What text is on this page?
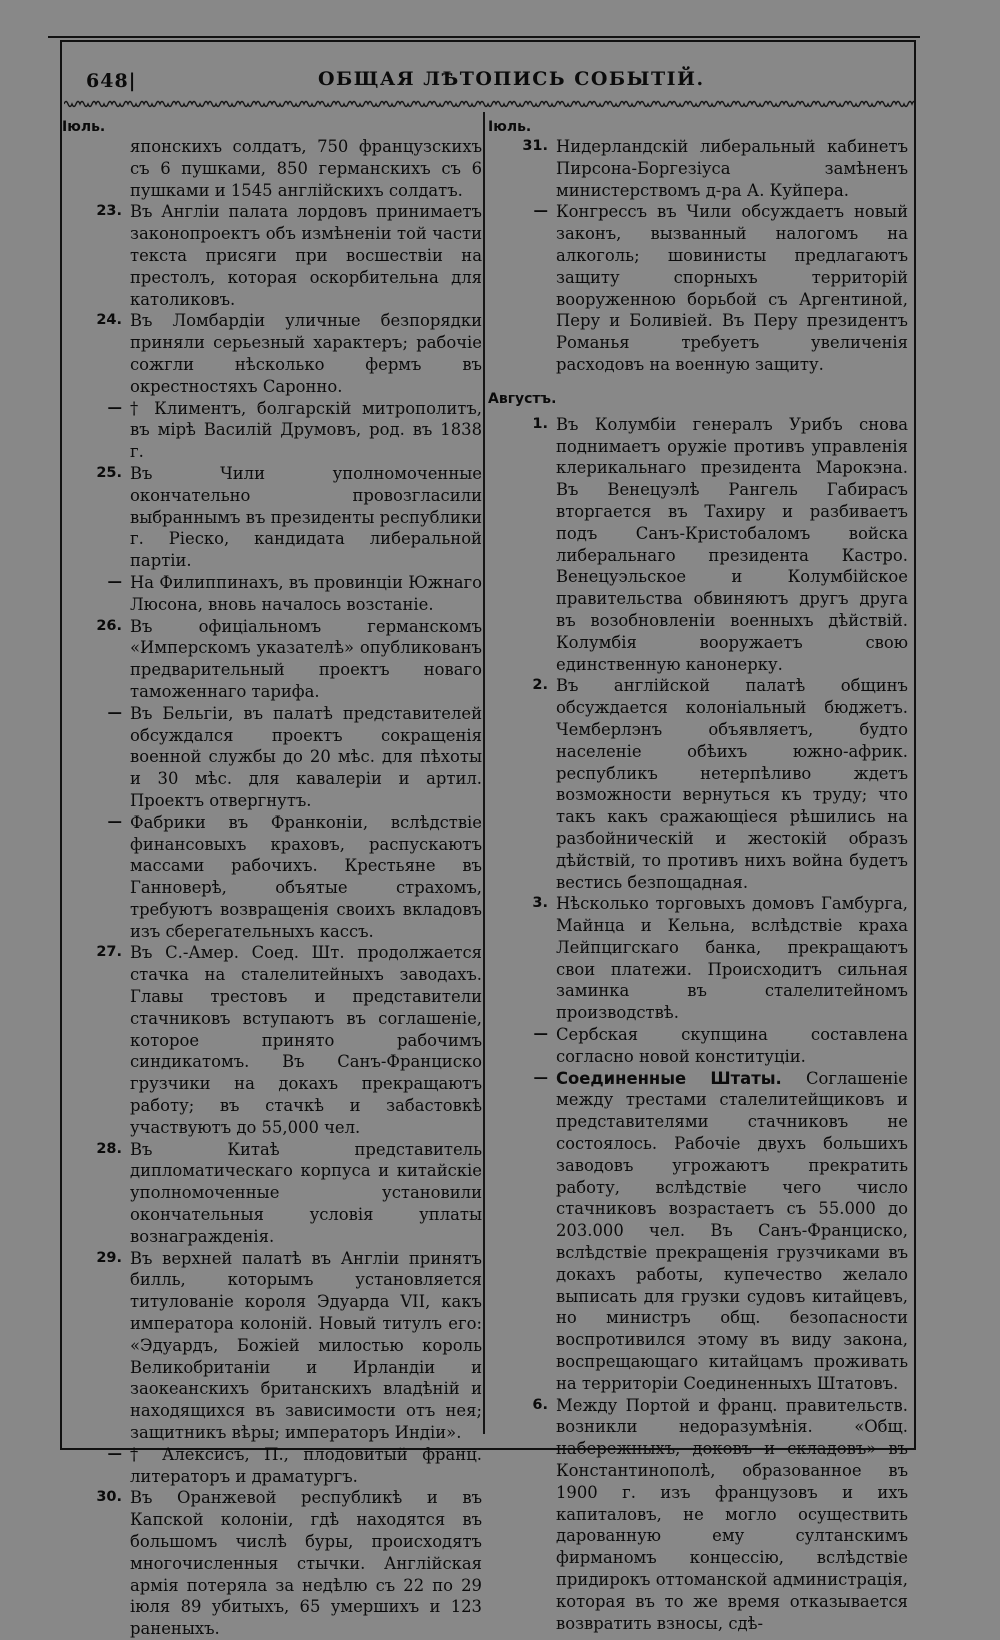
648|	ОБЩАЯ ЛѢТОПИСЬ СОБЫТІЙ.
Іюль.
японскихъ солдатъ, 750 французскихъ съ 6 пушками, 850 германскихъ съ 6 пушками и 1545 англійскихъ солдатъ.
23. Въ Англіи палата лордовъ принимаетъ законопроектъ объ измѣненіи той части текста присяги при восшествіи на престолъ, которая оскорбительна для католиковъ.
24. Въ Ломбардіи уличные безпорядки приняли серьезный характеръ; рабочіе сожгли нѣсколько фермъ въ окрестностяхъ Саронно.
— † Климентъ, болгарскій митрополитъ, въ мірѣ Василій Друмовъ, род. въ 1838 г.
25. Въ Чили уполномоченные окончательно провозгласили выбраннымъ въ президенты республики г. Ріеско, кандидата либеральной партіи.
— На Филиппинахъ, въ провинціи Южнаго Люсона, вновь началось возстаніе.
26. Въ офиціальномъ германскомъ «Имперскомъ указателѣ» опубликованъ предварительный проектъ новаго таможеннаго тарифа.
— Въ Бельгіи, въ палатѣ представителей обсуждался проектъ сокращенія военной службы до 20 мѣс. для пѣхоты и 30 мѣс. для кавалеріи и артил. Проектъ отвергнутъ.
— Фабрики въ Франконіи, вслѣдствіе финансовыхъ краховъ, распускаютъ массами рабочихъ. Крестьяне въ Ганноверѣ, объятые страхомъ, требуютъ возвращенія своихъ вкладовъ изъ сберегательныхъ кассъ.
27. Въ С.-Амер. Соед. Шт. продолжается стачка на сталелитейныхъ заводахъ. Главы трестовъ и представители стачниковъ вступаютъ въ соглашеніе, которое принято рабочимъ синдикатомъ. Въ Санъ-Франциско грузчики на докахъ прекращаютъ работу; въ стачкѣ и забастовкѣ участвуютъ до 55,000 чел.
28. Въ Китаѣ представитель дипломатическаго корпуса и китайскіе уполномоченные установили окончательныя условія уплаты вознагражденія.
29. Въ верхней палатѣ въ Англіи принятъ билль, которымъ установляется титулованіе короля Эдуарда VII, какъ императора колоній. Новый титулъ его: «Эдуардъ, Божіей милостью король Великобританіи и Ирландіи и заокеанскихъ британскихъ владѣній и находящихся въ зависимости отъ нея; защитникъ вѣры; императоръ Индіи».
— † Алексисъ, П., плодовитый франц. литераторъ и драматургъ.
30. Въ Оранжевой республикѣ и въ Капской колоніи, гдѣ находятся въ большомъ числѣ буры, происходятъ многочисленныя стычки. Англійская армія потеряла за недѣлю съ 22 по 29 іюля 89 убитыхъ, 65 умершихъ и 123 раненыхъ.
Іюль.
31. Нидерландскій либеральный кабинетъ Пирсона-Боргезіуса замѣненъ министерствомъ д-ра А. Куйпера.
— Конгрессъ въ Чили обсуждаетъ новый законъ, вызванный налогомъ на алкоголь; шовинисты предлагаютъ защиту спорныхъ территорій вооруженною борьбой съ Аргентиной, Перу и Боливіей. Въ Перу президентъ Романья требуетъ увеличенія расходовъ на военную защиту.
Августъ.
1. Въ Колумбіи генералъ Урибъ снова поднимаетъ оружіе противъ управленія клерикальнаго президента Марокэна. Въ Венецуэлѣ Рангель Габирасъ вторгается въ Тахиру и разбиваетъ подъ Санъ-Кристобаломъ войска либеральнаго президента Кастро. Венецуэльское и Колумбійское правительства обвиняютъ другъ друга въ возобновленіи военныхъ дѣйствій. Колумбія вооружаетъ свою единственную канонерку.
2. Въ англійской палатѣ общинъ обсуждается колоніальный бюджетъ. Чемберлэнъ объявляетъ, будто населеніе обѣихъ южно-африк. республикъ нетерпѣливо ждетъ возможности вернуться къ труду; что такъ какъ сражающіеся рѣшились на разбойническій и жестокій образъ дѣйствій, то противъ нихъ война будетъ вестись безпощадная.
3. Нѣсколько торговыхъ домовъ Гамбурга, Майнца и Кельна, вслѣдствіе краха Лейпцигскаго банка, прекращаютъ свои платежи. Происходитъ сильная заминка въ сталелитейномъ производствѣ.
— Сербская скупщина составлена согласно новой конституціи.
— Соединенные Штаты. Соглашеніе между трестами сталелитейщиковъ и представителями стачниковъ не состоялось. Рабочіе двухъ большихъ заводовъ угрожаютъ прекратить работу, вслѣдствіе чего число стачниковъ возрастаетъ съ 55.000 до 203.000 чел. Въ Санъ-Франциско, вслѣдствіе прекращенія грузчиками въ докахъ работы, купечество желало выписать для грузки судовъ китайцевъ, но министръ общ. безопасности воспротивился этому въ виду закона, воспрещающаго китайцамъ проживать на территоріи Соединенныхъ Штатовъ.
6. Между Портой и франц. правительств. возникли недоразумѣнія. «Общ. набережныхъ, доковъ и складовъ» въ Константинополѣ, образованное въ 1900 г. изъ французовъ и ихъ капиталовъ, не могло осуществить дарованную ему султанскимъ фирманомъ концессію, вслѣдствіе придирокъ оттоманской администрація, которая въ то же время отказывается возвратить взносы, сдѣ-
